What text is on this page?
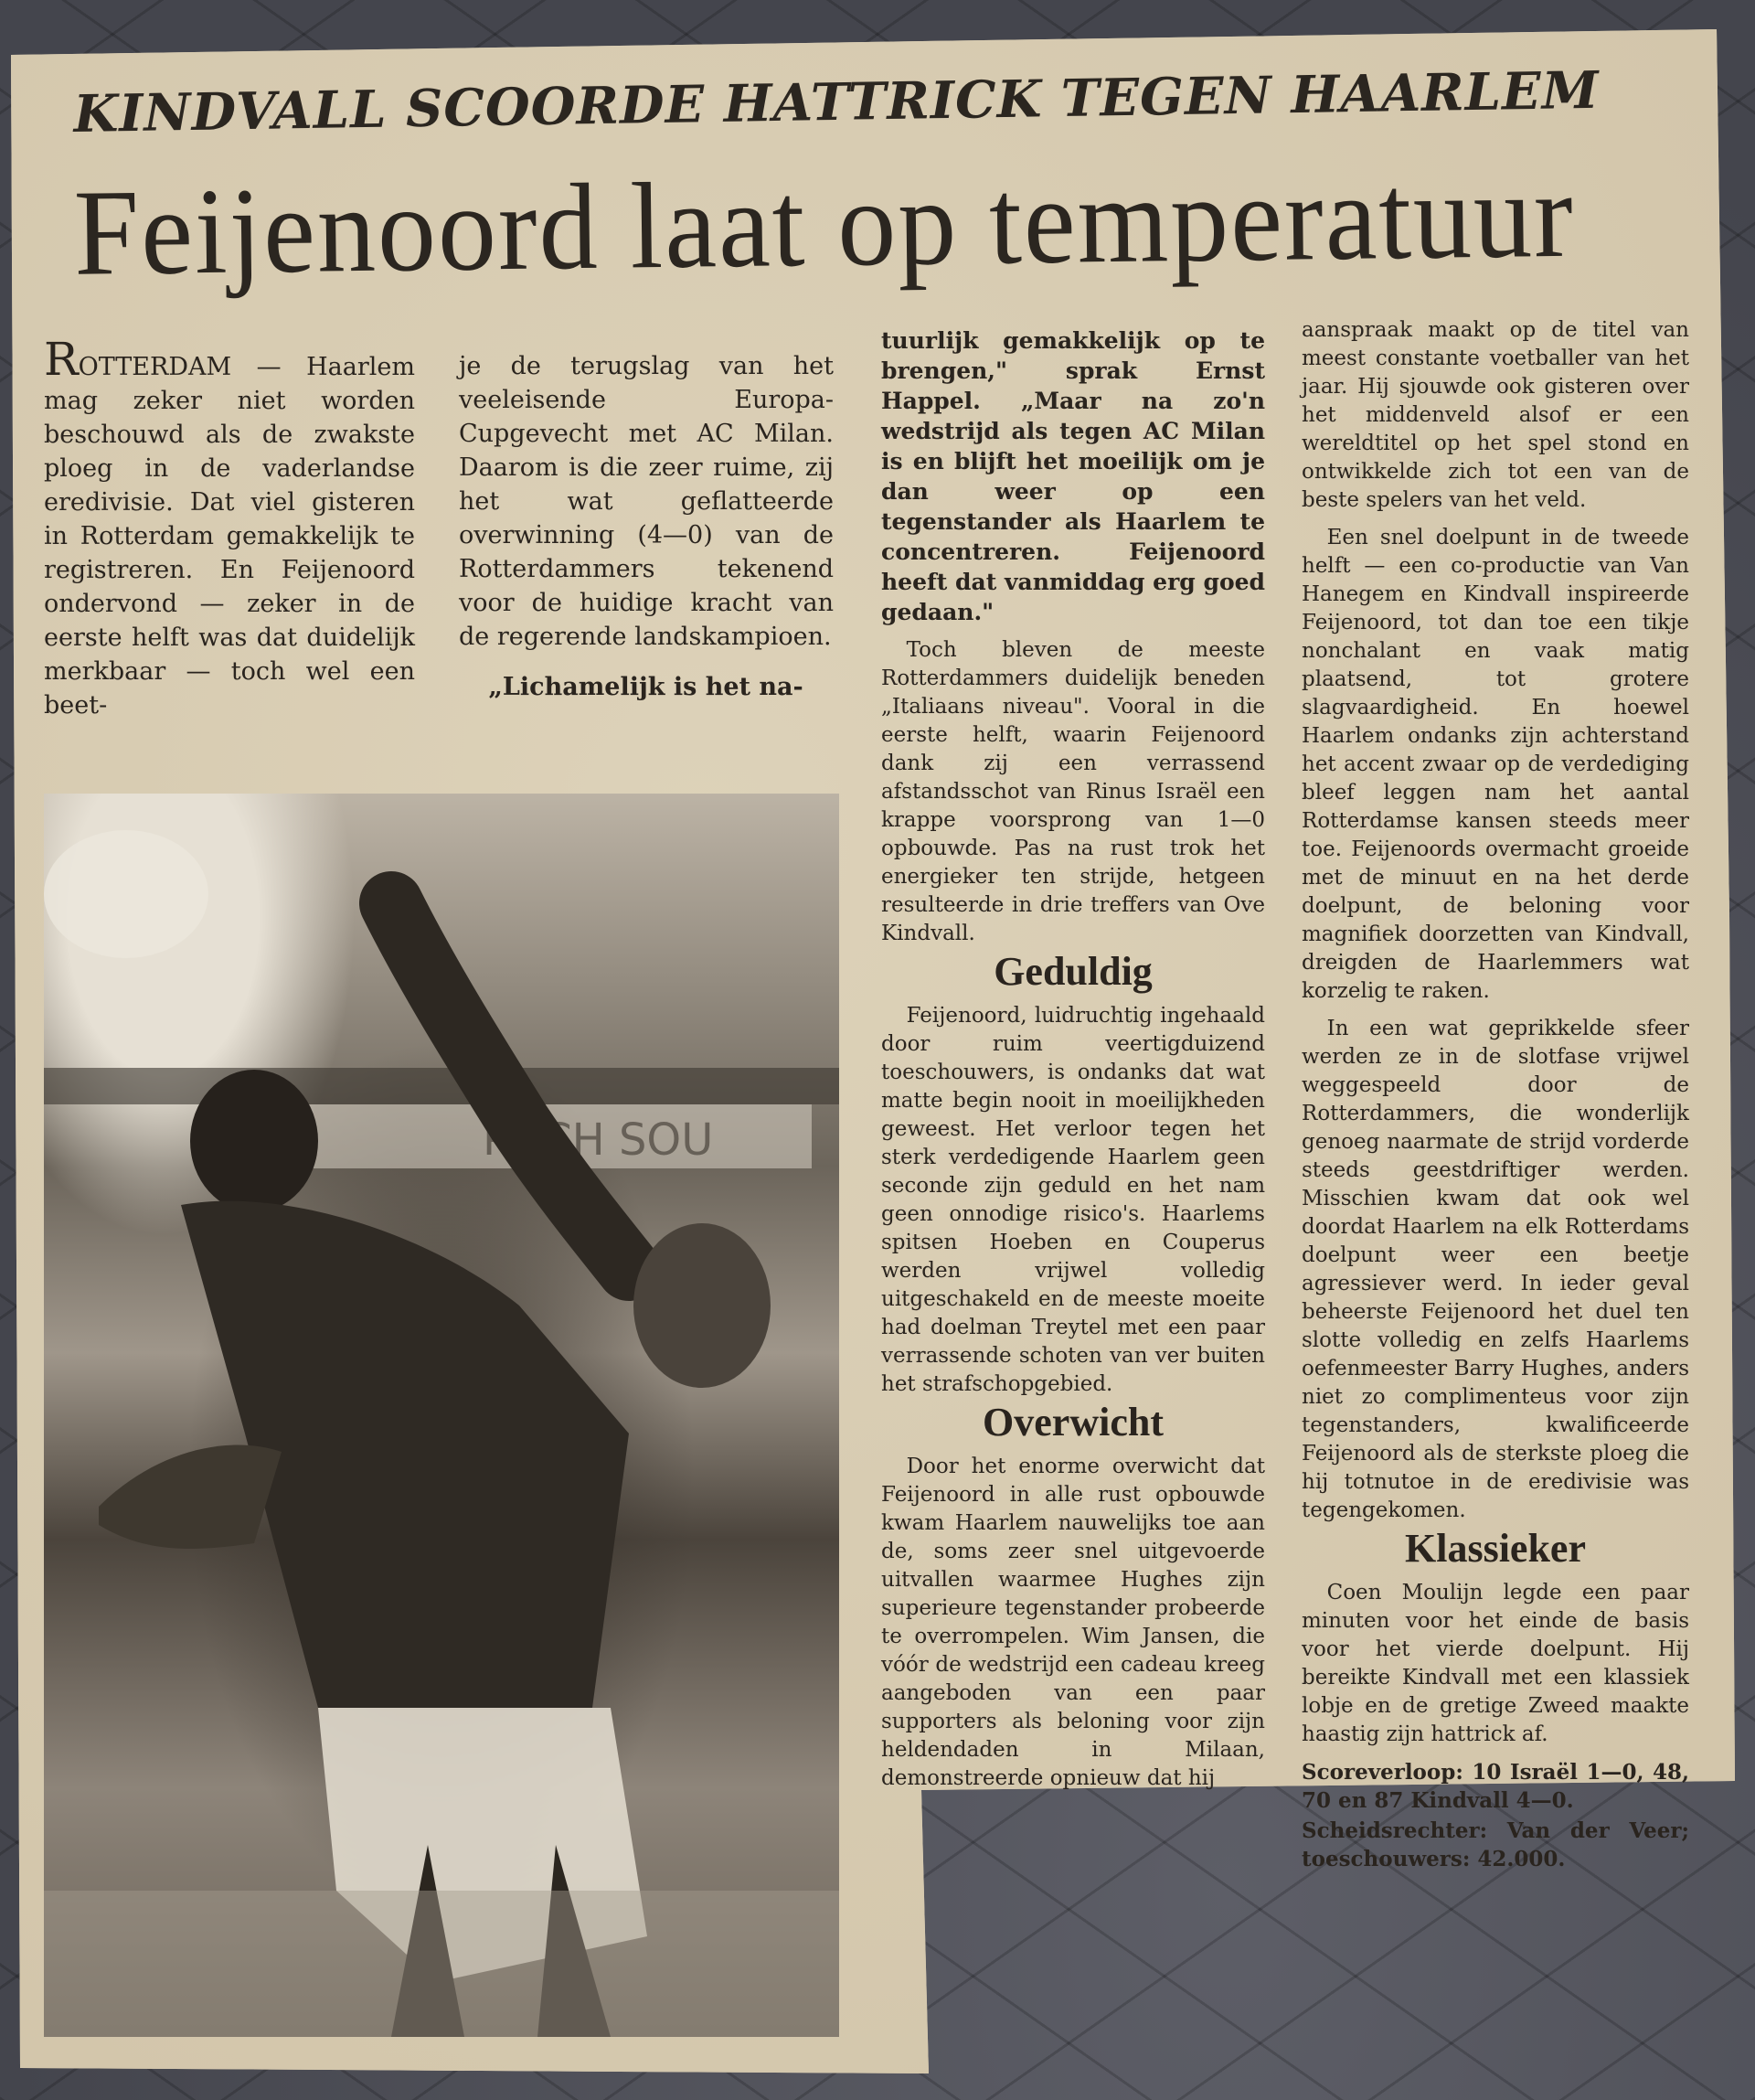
KINDVALL SCOORDE HATTRICK TEGEN HAARLEM
Feijenoord laat op temperatuur

ROTTERDAM — Haarlem mag zeker niet worden beschouwd als de zwakste ploeg in de vaderlandse eredivisie. Dat viel gisteren in Rotterdam gemakkelijk te registreren. En Feijenoord ondervond — zeker in de eerste helft was dat duidelijk merkbaar — toch wel een beet-

je de terugslag van het veeleisende Europa-Cupgevecht met AC Milan. Daarom is die zeer ruime, zij het wat geflatteerde overwinning (4—0) van de Rotterdammers tekenend voor de huidige kracht van de regerende landskampioen.

„Lichamelijk is het na-

tuurlijk gemakkelijk op te brengen," sprak Ernst Happel. „Maar na zo'n wedstrijd als tegen AC Milan is en blijft het moeilijk om je dan weer op een tegenstander als Haarlem te concentreren. Feijenoord heeft dat vanmiddag erg goed gedaan."

Toch bleven de meeste Rotterdammers duidelijk beneden „Italiaans niveau". Vooral in die eerste helft, waarin Feijenoord dank zij een verrassend afstandsschot van Rinus Israël een krappe voorsprong van 1—0 opbouwde. Pas na rust trok het energieker ten strijde, hetgeen resulteerde in drie treffers van Ove Kindvall.

Geduldig

Feijenoord, luidruchtig ingehaald door ruim veertigduizend toeschouwers, is ondanks dat wat matte begin nooit in moeilijkheden geweest. Het verloor tegen het sterk verdedigende Haarlem geen seconde zijn geduld en het nam geen onnodige risico's. Haarlems spitsen Hoeben en Couperus werden vrijwel volledig uitgeschakeld en de meeste moeite had doelman Treytel met een paar verrassende schoten van ver buiten het strafschopgebied.

Overwicht

Door het enorme overwicht dat Feijenoord in alle rust opbouwde kwam Haarlem nauwelijks toe aan de, soms zeer snel uitgevoerde uitvallen waarmee Hughes zijn superieure tegenstander probeerde te overrompelen. Wim Jansen, die vóór de wedstrijd een cadeau kreeg aangeboden van een paar supporters als beloning voor zijn heldendaden in Milaan, demonstreerde opnieuw dat hij

aanspraak maakt op de titel van meest constante voetballer van het jaar. Hij sjouwde ook gisteren over het middenveld alsof er een wereldtitel op het spel stond en ontwikkelde zich tot een van de beste spelers van het veld.

Een snel doelpunt in de tweede helft — een co-productie van Van Hanegem en Kindvall inspireerde Feijenoord, tot dan toe een tikje nonchalant en vaak matig plaatsend, tot grotere slagvaardigheid. En hoewel Haarlem ondanks zijn achterstand het accent zwaar op de verdediging bleef leggen nam het aantal Rotterdamse kansen steeds meer toe. Feijenoords overmacht groeide met de minuut en na het derde doelpunt, de beloning voor magnifiek doorzetten van Kindvall, dreigden de Haarlemmers wat korzelig te raken.

In een wat geprikkelde sfeer werden ze in de slotfase vrijwel weggespeeld door de Rotterdammers, die wonderlijk genoeg naarmate de strijd vorderde steeds geestdriftiger werden. Misschien kwam dat ook wel doordat Haarlem na elk Rotterdams doelpunt weer een beetje agressiever werd. In ieder geval beheerste Feijenoord het duel ten slotte volledig en zelfs Haarlems oefenmeester Barry Hughes, anders niet zo complimenteus voor zijn tegenstanders, kwalificeerde Feijenoord als de sterkste ploeg die hij totnutoe in de eredivisie was tegengekomen.

Klassieker

Coen Moulijn legde een paar minuten voor het einde de basis voor het vierde doelpunt. Hij bereikte Kindvall met een klassiek lobje en de gretige Zweed maakte haastig zijn hattrick af.

Scoreverloop: 10 Israël 1—0, 48, 70 en 87 Kindvall 4—0.

Scheidsrechter: Van der Veer; toeschouwers: 42.000.

PUCH SOU
